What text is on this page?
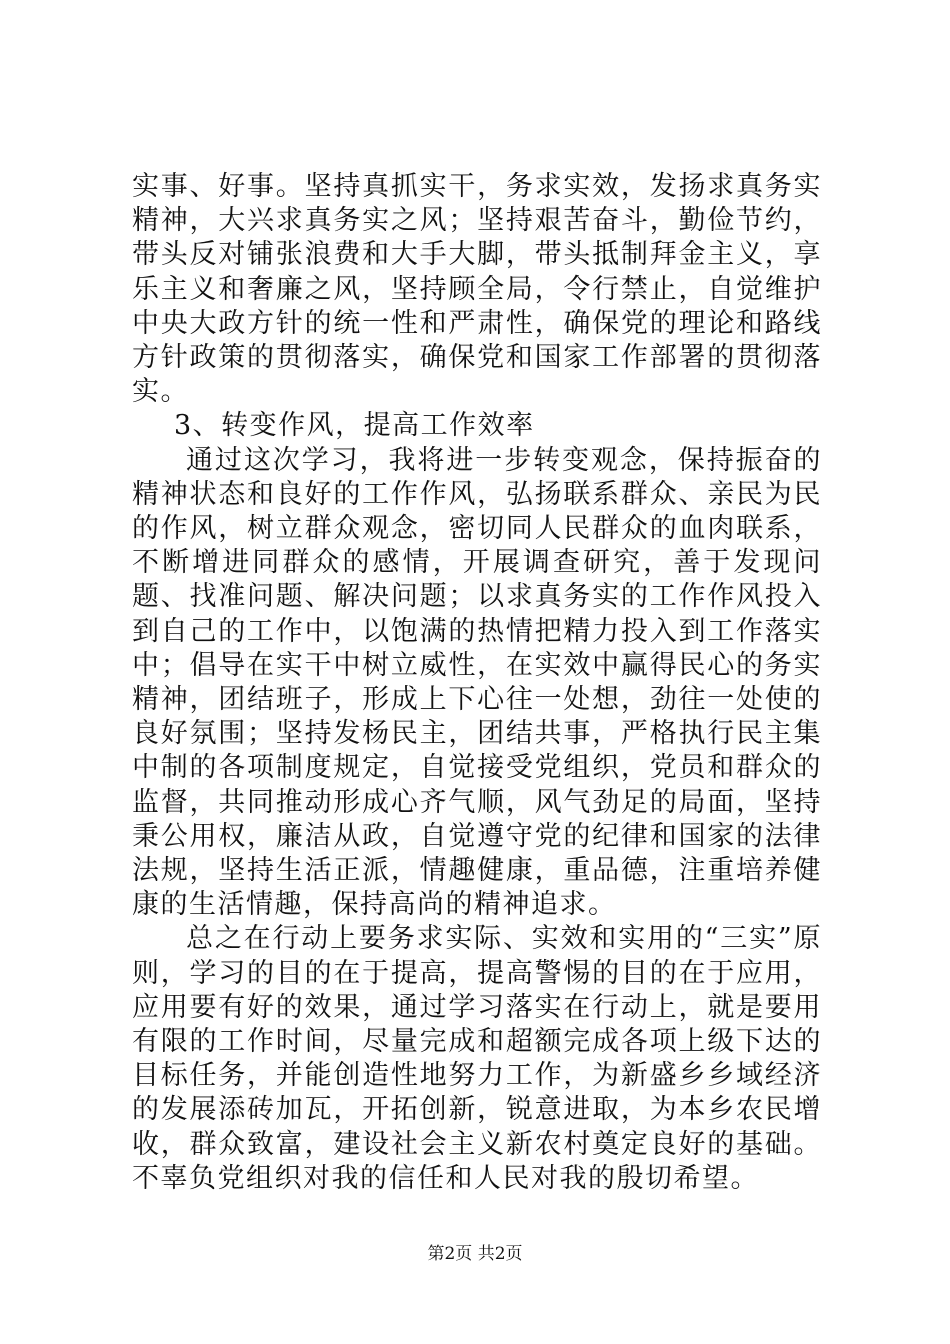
实事、好事。坚持真抓实干，务求实效，发扬求真务实精神，大兴求真务实之风；坚持艰苦奋斗，勤俭节约，带头反对铺张浪费和大手大脚，带头抵制拜金主义，享乐主义和奢廉之风，坚持顾全局，令行禁止，自觉维护中央大政方针的统一性和严肃性，确保党的理论和路线方针政策的贯彻落实，确保党和国家工作部署的贯彻落实。

3、转变作风，提高工作效率

通过这次学习，我将进一步转变观念，保持振奋的精神状态和良好的工作作风，弘扬联系群众、亲民为民的作风，树立群众观念，密切同人民群众的血肉联系，不断增进同群众的感情，开展调查研究，善于发现问题、找准问题、解决问题；以求真务实的工作作风投入到自己的工作中，以饱满的热情把精力投入到工作落实中；倡导在实干中树立威性，在实效中赢得民心的务实精神，团结班子，形成上下心往一处想，劲往一处使的良好氛围；坚持发杨民主，团结共事，严格执行民主集中制的各项制度规定，自觉接受党组织，党员和群众的监督，共同推动形成心齐气顺，风气劲足的局面，坚持秉公用权，廉洁从政，自觉遵守党的纪律和国家的法律法规，坚持生活正派，情趣健康，重品德，注重培养健康的生活情趣，保持高尚的精神追求。

总之在行动上要务求实际、实效和实用的“三实”原则，学习的目的在于提高，提高警惕的目的在于应用，应用要有好的效果，通过学习落实在行动上，就是要用有限的工作时间，尽量完成和超额完成各项上级下达的目标任务，并能创造性地努力工作，为新盛乡乡域经济的发展添砖加瓦，开拓创新，锐意进取，为本乡农民增收，群众致富，建设社会主义新农村奠定良好的基础。不辜负党组织对我的信任和人民对我的殷切希望。

第2页 共2页
